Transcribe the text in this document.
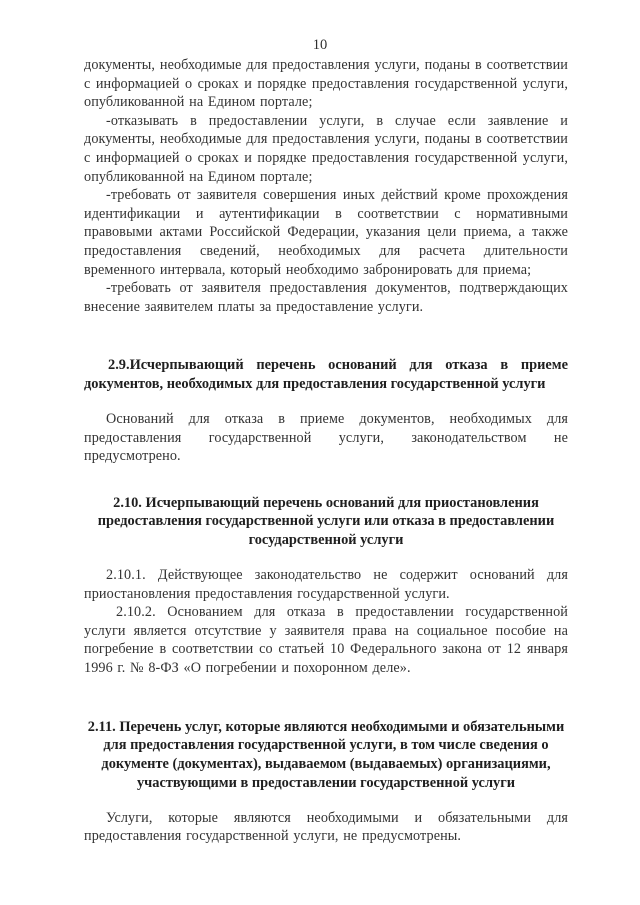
10

документы, необходимые для предоставления услуги, поданы в соответствии с информацией о сроках и порядке предоставления государственной услуги, опубликованной на Едином портале;

-отказывать в предоставлении услуги, в случае если заявление и документы, необходимые для предоставления услуги, поданы в соответствии с информацией о сроках и порядке предоставления государственной услуги, опубликованной на Едином портале;

-требовать от заявителя совершения иных действий кроме прохождения идентификации и аутентификации в соответствии с нормативными правовыми актами Российской Федерации, указания цели приема, а также предоставления сведений, необходимых для расчета длительности временного интервала, который необходимо забронировать для приема;

-требовать от заявителя предоставления документов, подтверждающих внесение заявителем платы за предоставление услуги.

2.9.Исчерпывающий перечень оснований для отказа в приеме документов, необходимых для предоставления государственной услуги

Оснований для отказа в приеме документов, необходимых для предоставления государственной услуги, законодательством не предусмотрено.

2.10. Исчерпывающий перечень оснований для приостановления предоставления государственной услуги или отказа в предоставлении государственной услуги

2.10.1. Действующее законодательство не содержит оснований для приостановления предоставления государственной услуги.

2.10.2. Основанием для отказа в предоставлении государственной услуги является отсутствие у заявителя права на социальное пособие на погребение в соответствии со статьей 10 Федерального закона от 12 января 1996 г. № 8-ФЗ «О погребении и похоронном деле».

2.11. Перечень услуг, которые являются необходимыми и обязательными для предоставления государственной услуги, в том числе сведения о документе (документах), выдаваемом (выдаваемых) организациями, участвующими в предоставлении государственной услуги

Услуги, которые являются необходимыми и обязательными для предоставления государственной услуги, не предусмотрены.
